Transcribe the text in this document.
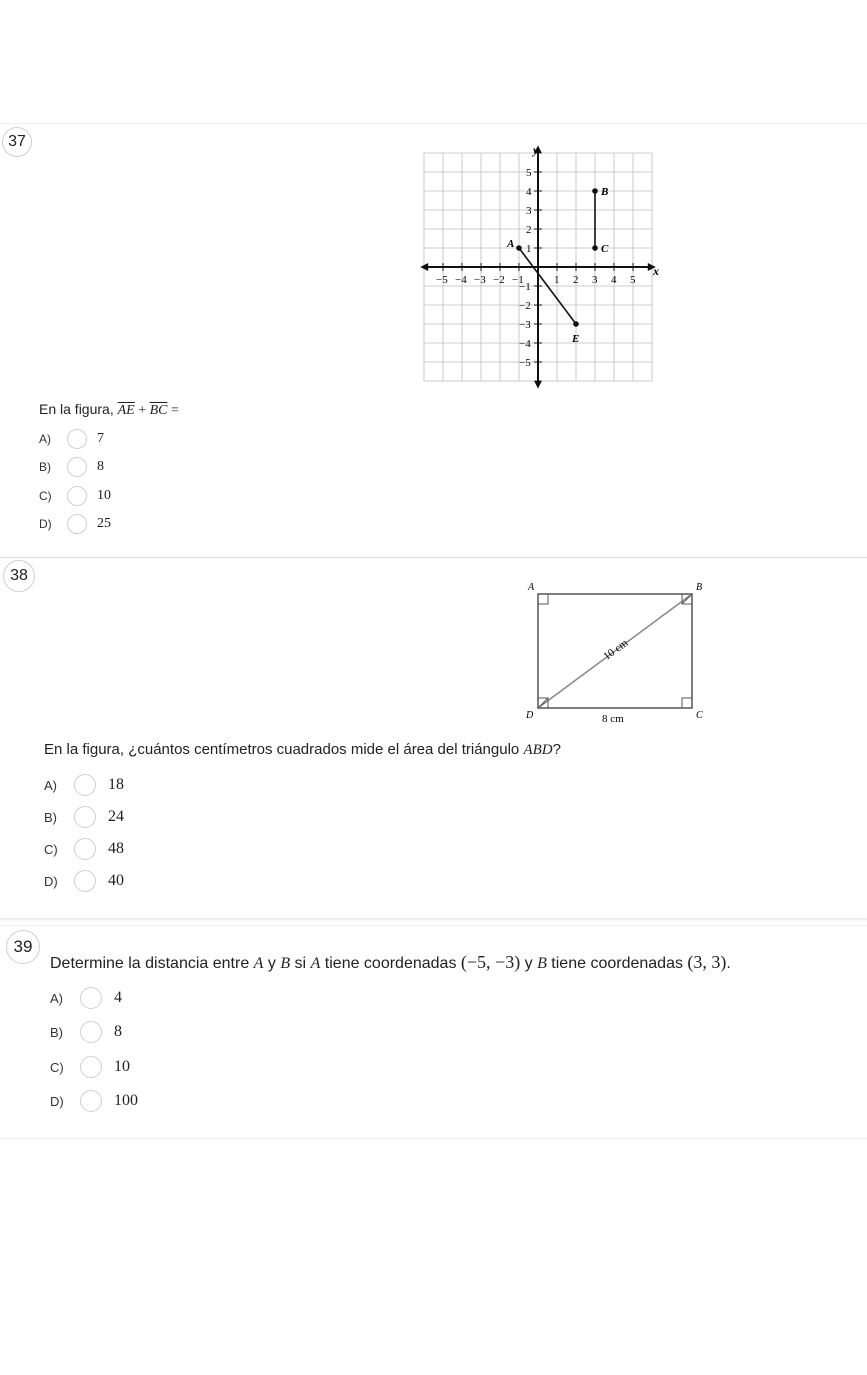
37
−5 −4 −3 −2 −1	1 2 3 4 5
5
4
3
2
1
−1
−2
−3
−4
−5
A
B
C
E
x
y
En la figura, $\overline{AE} + \overline{BC}$ =
A)	7
B)	8
C)	10
D)	25
38
A	B
C
D
10 cm
8 cm
En la figura, ¿cuántos centímetros cuadrados mide el área del triángulo ABD?
A)	18
B)	24
C)	48
D)	40
39
Determine la distancia entre A y B si A tiene coordenadas (−5, −3) y B tiene coordenadas (3, 3).
A)	4
B)	8
C)	10
D)	100
